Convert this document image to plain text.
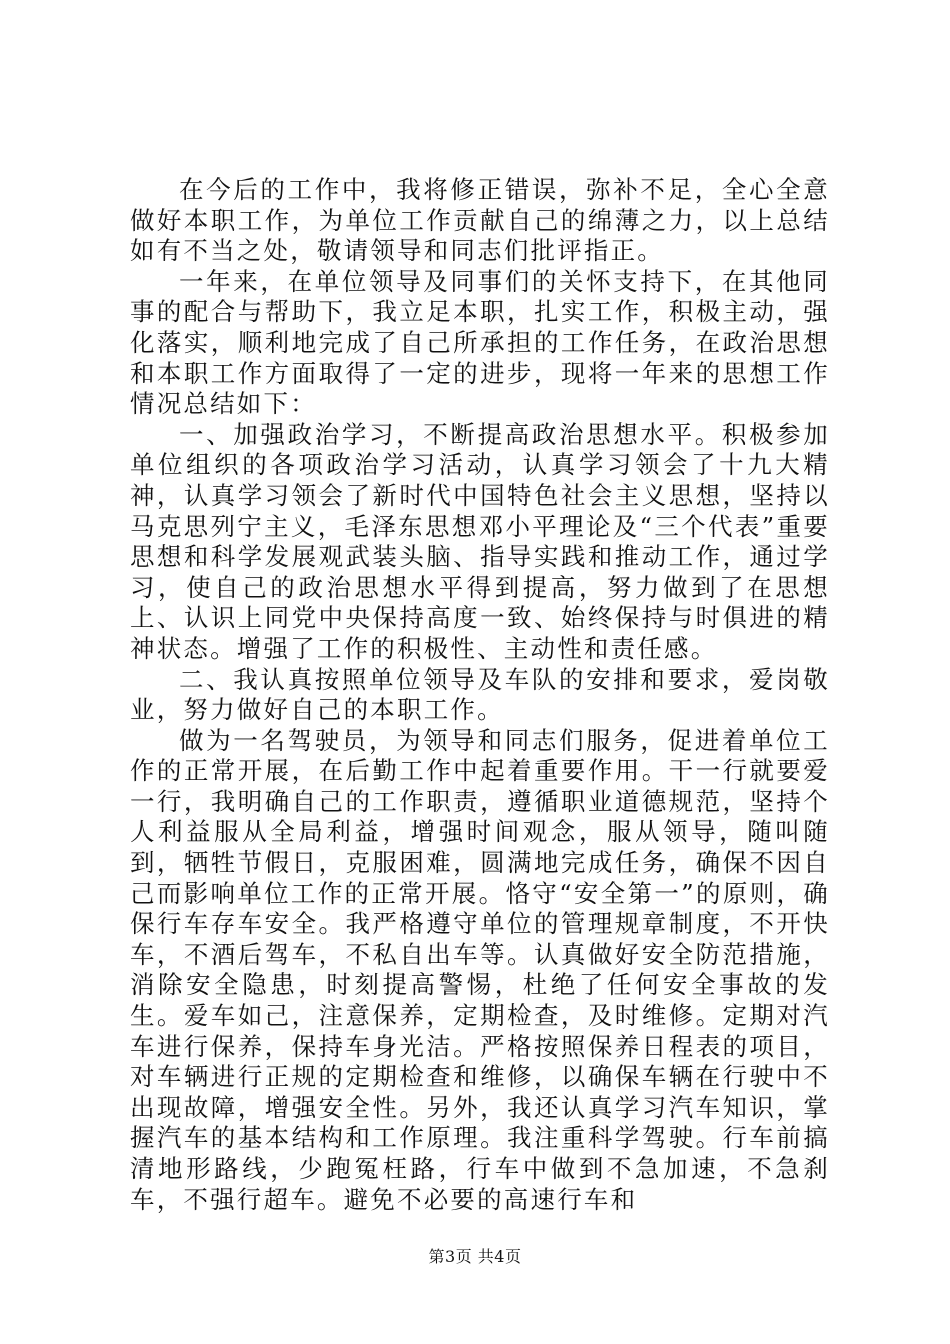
在今后的工作中，我将修正错误，弥补不足，全心全意做好本职工作，为单位工作贡献自己的绵薄之力，以上总结如有不当之处，敬请领导和同志们批评指正。

一年来，在单位领导及同事们的关怀支持下，在其他同事的配合与帮助下，我立足本职，扎实工作，积极主动，强化落实，顺利地完成了自己所承担的工作任务，在政治思想和本职工作方面取得了一定的进步，现将一年来的思想工作情况总结如下：

一、加强政治学习，不断提高政治思想水平。积极参加单位组织的各项政治学习活动，认真学习领会了十九大精神，认真学习领会了新时代中国特色社会主义思想，坚持以马克思列宁主义，毛泽东思想邓小平理论及“三个代表”重要思想和科学发展观武装头脑、指导实践和推动工作，通过学习，使自己的政治思想水平得到提高，努力做到了在思想上、认识上同党中央保持高度一致、始终保持与时俱进的精神状态。增强了工作的积极性、主动性和责任感。

二、我认真按照单位领导及车队的安排和要求，爱岗敬业，努力做好自己的本职工作。

做为一名驾驶员，为领导和同志们服务，促进着单位工作的正常开展，在后勤工作中起着重要作用。干一行就要爱一行，我明确自己的工作职责，遵循职业道德规范，坚持个人利益服从全局利益，增强时间观念，服从领导，随叫随到，牺牲节假日，克服困难，圆满地完成任务，确保不因自己而影响单位工作的正常开展。恪守“安全第一”的原则，确保行车存车安全。我严格遵守单位的管理规章制度，不开快车，不酒后驾车，不私自出车等。认真做好安全防范措施，消除安全隐患，时刻提高警惕，杜绝了任何安全事故的发生。爱车如己，注意保养，定期检查，及时维修。定期对汽车进行保养，保持车身光洁。严格按照保养日程表的项目，对车辆进行正规的定期检查和维修，以确保车辆在行驶中不出现故障，增强安全性。另外，我还认真学习汽车知识，掌握汽车的基本结构和工作原理。我注重科学驾驶。行车前搞清地形路线，少跑冤枉路，行车中做到不急加速，不急刹车，不强行超车。避免不必要的高速行车和

第3页 共4页
